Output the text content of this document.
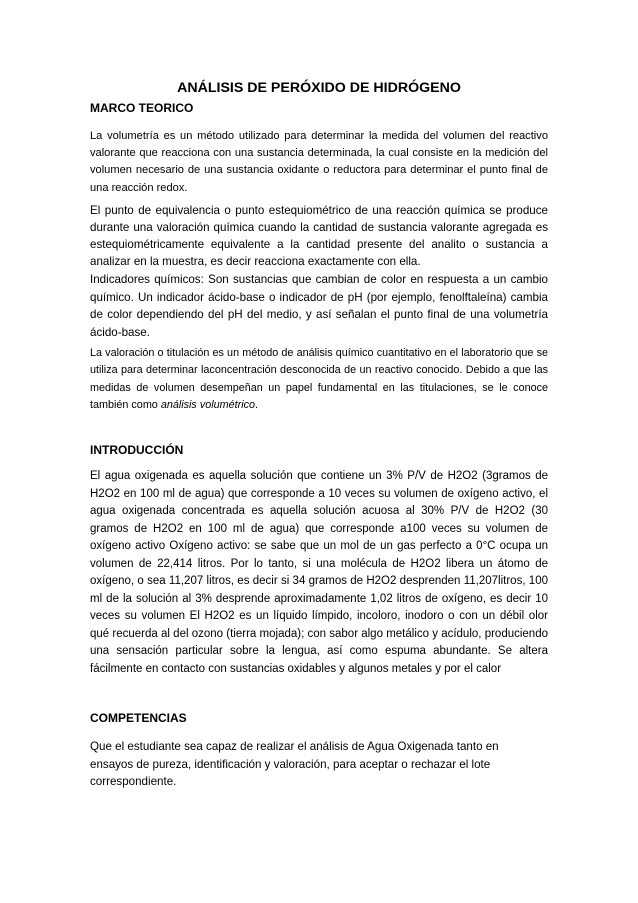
ANÁLISIS DE PERÓXIDO DE HIDRÓGENO
MARCO TEORICO

La volumetría es un método utilizado para determinar la medida del volumen del reactivo valorante que reacciona con una sustancia determinada, la cual consiste en la medición del volumen necesario de una sustancia oxidante o reductora para determinar el punto final de una reacción redox.

El punto de equivalencia o punto estequiométrico de una reacción química se produce durante una valoración química cuando la cantidad de sustancia valorante agregada es estequiométricamente equivalente a la cantidad presente del analito o sustancia a analizar en la muestra, es decir reacciona exactamente con ella.

Indicadores químicos: Son sustancias que cambian de color en respuesta a un cambio químico. Un indicador ácido-base o indicador de pH (por ejemplo, fenolftaleína) cambia de color dependiendo del pH del medio, y así señalan el punto final de una volumetría ácido-base.

La valoración o titulación es un método de análisis químico cuantitativo en el laboratorio que se utiliza para determinar laconcentración desconocida de un reactivo conocido. Debido a que las medidas de volumen desempeñan un papel fundamental en las titulaciones, se le conoce también como análisis volumétrico.

INTRODUCCIÓN

El agua oxigenada es aquella solución que contiene un 3% P/V de H2O2 (3gramos de H2O2 en 100 ml de agua) que corresponde a 10 veces su volumen de oxígeno activo, el agua oxigenada concentrada es aquella solución acuosa al 30% P/V de H2O2 (30 gramos de H2O2 en 100 ml de agua) que corresponde a100 veces su volumen de oxígeno activo Oxígeno activo: se sabe que un mol de un gas perfecto a 0°C ocupa un volumen de 22,414 litros. Por lo tanto, si una molécula de H2O2 libera un átomo de oxígeno, o sea 11,207 litros, es decir si 34 gramos de H2O2 desprenden 11,207litros, 100 ml de la solución al 3% desprende aproximadamente 1,02 litros de oxígeno, es decir 10 veces su volumen El H2O2 es un líquido límpido, incoloro, inodoro o con un débil olor qué recuerda al del ozono (tierra mojada); con sabor algo metálico y acídulo, produciendo una sensación particular sobre la lengua, así como espuma abundante. Se altera fácilmente en contacto con sustancias oxidables y algunos metales y por el calor

COMPETENCIAS

Que el estudiante sea capaz de realizar el análisis de Agua Oxigenada tanto en ensayos de pureza, identificación y valoración, para aceptar o rechazar el lote correspondiente.
